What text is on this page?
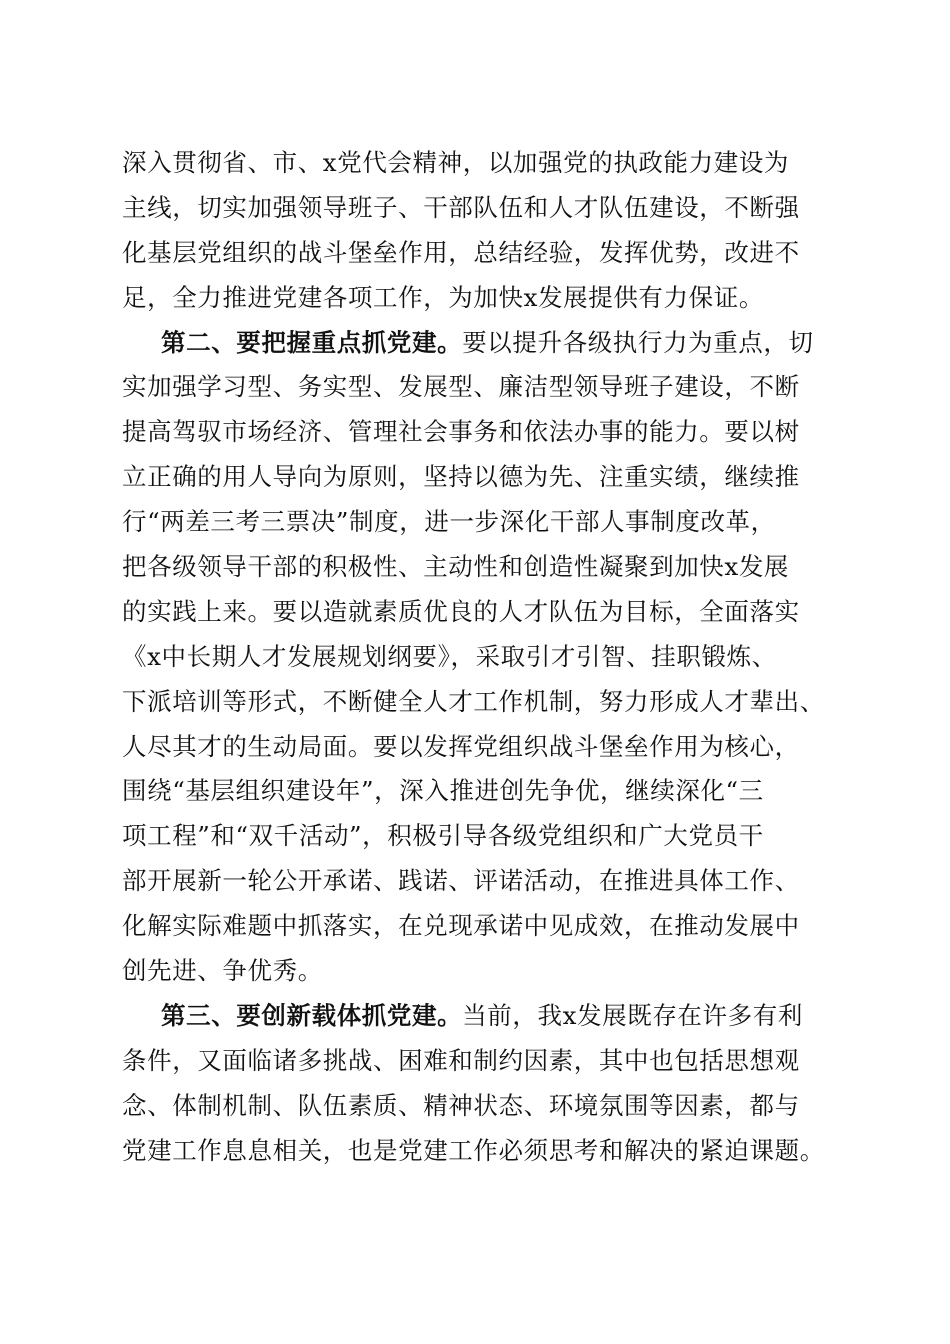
深入贯彻省、市、x党代会精神，以加强党的执政能力建设为
主线，切实加强领导班子、干部队伍和人才队伍建设，不断强
化基层党组织的战斗堡垒作用，总结经验，发挥优势，改进不
足，全力推进党建各项工作，为加快x发展提供有力保证。
第二、要把握重点抓党建。要以提升各级执行力为重点，切
实加强学习型、务实型、发展型、廉洁型领导班子建设，不断
提高驾驭市场经济、管理社会事务和依法办事的能力。要以树
立正确的用人导向为原则，坚持以德为先、注重实绩，继续推
行“两差三考三票决”制度，进一步深化干部人事制度改革，
把各级领导干部的积极性、主动性和创造性凝聚到加快x发展
的实践上来。要以造就素质优良的人才队伍为目标，全面落实
《x中长期人才发展规划纲要》，采取引才引智、挂职锻炼、
下派培训等形式，不断健全人才工作机制，努力形成人才辈出、
人尽其才的生动局面。要以发挥党组织战斗堡垒作用为核心，
围绕“基层组织建设年”，深入推进创先争优，继续深化“三
项工程”和“双千活动”，积极引导各级党组织和广大党员干
部开展新一轮公开承诺、践诺、评诺活动，在推进具体工作、
化解实际难题中抓落实，在兑现承诺中见成效，在推动发展中
创先进、争优秀。
第三、要创新载体抓党建。当前，我x发展既存在许多有利
条件，又面临诸多挑战、困难和制约因素，其中也包括思想观
念、体制机制、队伍素质、精神状态、环境氛围等因素，都与
党建工作息息相关，也是党建工作必须思考和解决的紧迫课题。
